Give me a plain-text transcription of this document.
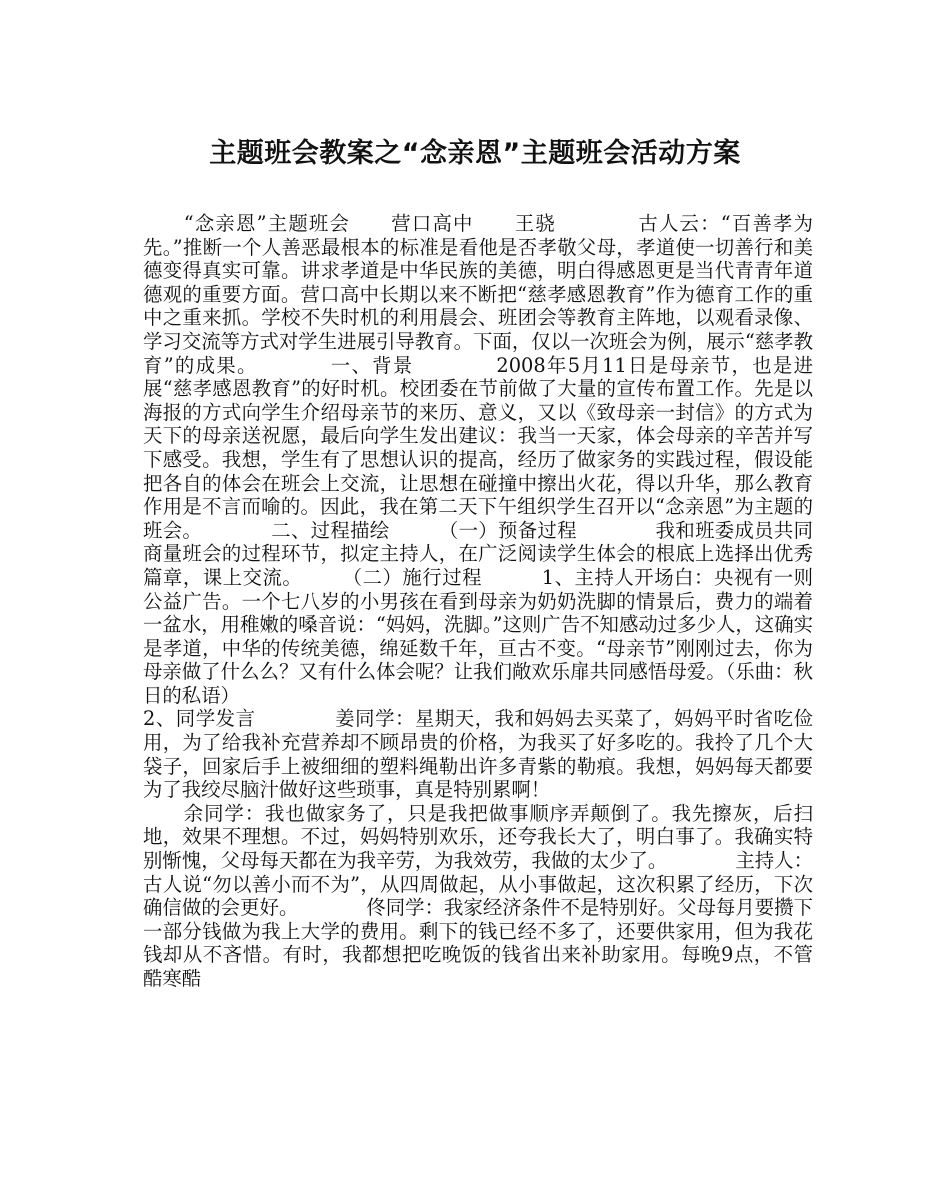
主题班会教案之“念亲恩”主题班会活动方案

“念亲恩”主题班会　　营口高中　　王骁　　　　古人云：“百善孝为先。”推断一个人善恶最根本的标准是看他是否孝敬父母，孝道使一切善行和美德变得真实可靠。讲求孝道是中华民族的美德，明白得感恩更是当代青青年道德观的重要方面。营口高中长期以来不断把“慈孝感恩教育”作为德育工作的重中之重来抓。学校不失时机的利用晨会、班团会等教育主阵地，以观看录像、学习交流等方式对学生进展引导教育。下面，仅以一次班会为例，展示“慈孝教育”的成果。　　　　一、背景　　　　2008年5月11日是母亲节，也是进展“慈孝感恩教育”的好时机。校团委在节前做了大量的宣传布置工作。先是以海报的方式向学生介绍母亲节的来历、意义，又以《致母亲一封信》的方式为天下的母亲送祝愿，最后向学生发出建议：我当一天家，体会母亲的辛苦并写下感受。我想，学生有了思想认识的提高，经历了做家务的实践过程，假设能把各自的体会在班会上交流，让思想在碰撞中擦出火花，得以升华，那么教育作用是不言而喻的。因此，我在第二天下午组织学生召开以“念亲恩”为主题的班会。　　　　二、过程描绘　　　（一）预备过程　　　　我和班委成员共同商量班会的过程环节，拟定主持人，在广泛阅读学生体会的根底上选择出优秀篇章，课上交流。　　　（二）施行过程　　　1、主持人开场白：央视有一则公益广告。一个七八岁的小男孩在看到母亲为奶奶洗脚的情景后，费力的端着一盆水，用稚嫩的嗓音说：“妈妈，洗脚。”这则广告不知感动过多少人，这确实是孝道，中华的传统美德，绵延数千年，亘古不变。“母亲节”刚刚过去，你为母亲做了什么么？又有什么体会呢？让我们敞欢乐扉共同感悟母爱。（乐曲：秋日的私语）

2、同学发言　　　　姜同学：星期天，我和妈妈去买菜了，妈妈平时省吃俭用，为了给我补充营养却不顾昂贵的价格，为我买了好多吃的。我拎了几个大袋子，回家后手上被细细的塑料绳勒出许多青紫的勒痕。我想，妈妈每天都要为了我绞尽脑汁做好这些琐事，真是特别累啊！

余同学：我也做家务了，只是我把做事顺序弄颠倒了。我先擦灰，后扫地，效果不理想。不过，妈妈特别欢乐，还夸我长大了，明白事了。我确实特别惭愧，父母每天都在为我辛劳，为我效劳，我做的太少了。　　　　主持人：古人说“勿以善小而不为”，从四周做起，从小事做起，这次积累了经历，下次确信做的会更好。　　　　佟同学：我家经济条件不是特别好。父母每月要攒下一部分钱做为我上大学的费用。剩下的钱已经不多了，还要供家用，但为我花钱却从不吝惜。有时，我都想把吃晚饭的钱省出来补助家用。每晚9点，不管酷寒酷
